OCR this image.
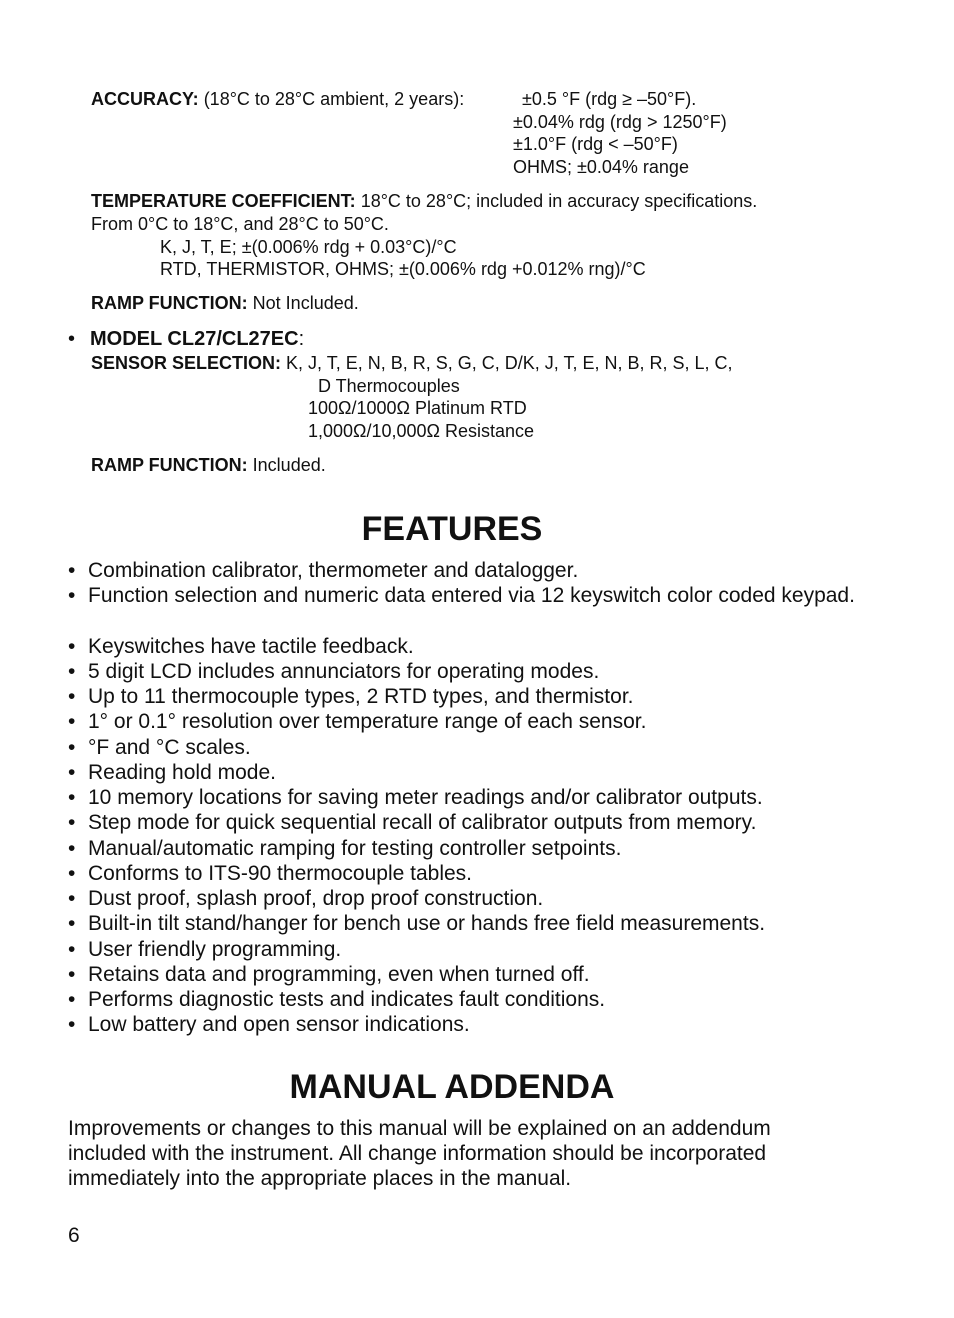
ACCURACY: (18°C to 28°C ambient, 2 years):	±0.5 °F (rdg ≥ –50°F).
±0.04% rdg (rdg > 1250°F)
±1.0°F (rdg < –50°F)
OHMS; ±0.04% range
TEMPERATURE COEFFICIENT: 18°C to 28°C; included in accuracy specifications.
From 0°C to 18°C, and 28°C to 50°C.
K, J, T, E; ±(0.006% rdg + 0.03°C)/°C
RTD, THERMISTOR, OHMS; ±(0.006% rdg +0.012% rng)/°C
RAMP FUNCTION: Not Included.
• MODEL CL27/CL27EC:
SENSOR SELECTION: K, J, T, E, N, B, R, S, G, C, D/K, J, T, E, N, B, R, S, L, C,
D Thermocouples
100Ω/1000Ω Platinum RTD
1,000Ω/10,000Ω Resistance
RAMP FUNCTION: Included.
FEATURES
• Combination calibrator, thermometer and datalogger.
• Function selection and numeric data entered via 12 keyswitch color coded keypad.
• Keyswitches have tactile feedback.
• 5 digit LCD includes annunciators for operating modes.
• Up to 11 thermocouple types, 2 RTD types, and thermistor.
• 1° or 0.1° resolution over temperature range of each sensor.
• °F and °C scales.
• Reading hold mode.
• 10 memory locations for saving meter readings and/or calibrator outputs.
• Step mode for quick sequential recall of calibrator outputs from memory.
• Manual/automatic ramping for testing controller setpoints.
• Conforms to ITS-90 thermocouple tables.
• Dust proof, splash proof, drop proof construction.
• Built-in tilt stand/hanger for bench use or hands free field measurements.
• User friendly programming.
• Retains data and programming, even when turned off.
• Performs diagnostic tests and indicates fault conditions.
• Low battery and open sensor indications.
MANUAL ADDENDA
Improvements or changes to this manual will be explained on an addendum included with the instrument. All change information should be incorporated immediately into the appropriate places in the manual.
6
